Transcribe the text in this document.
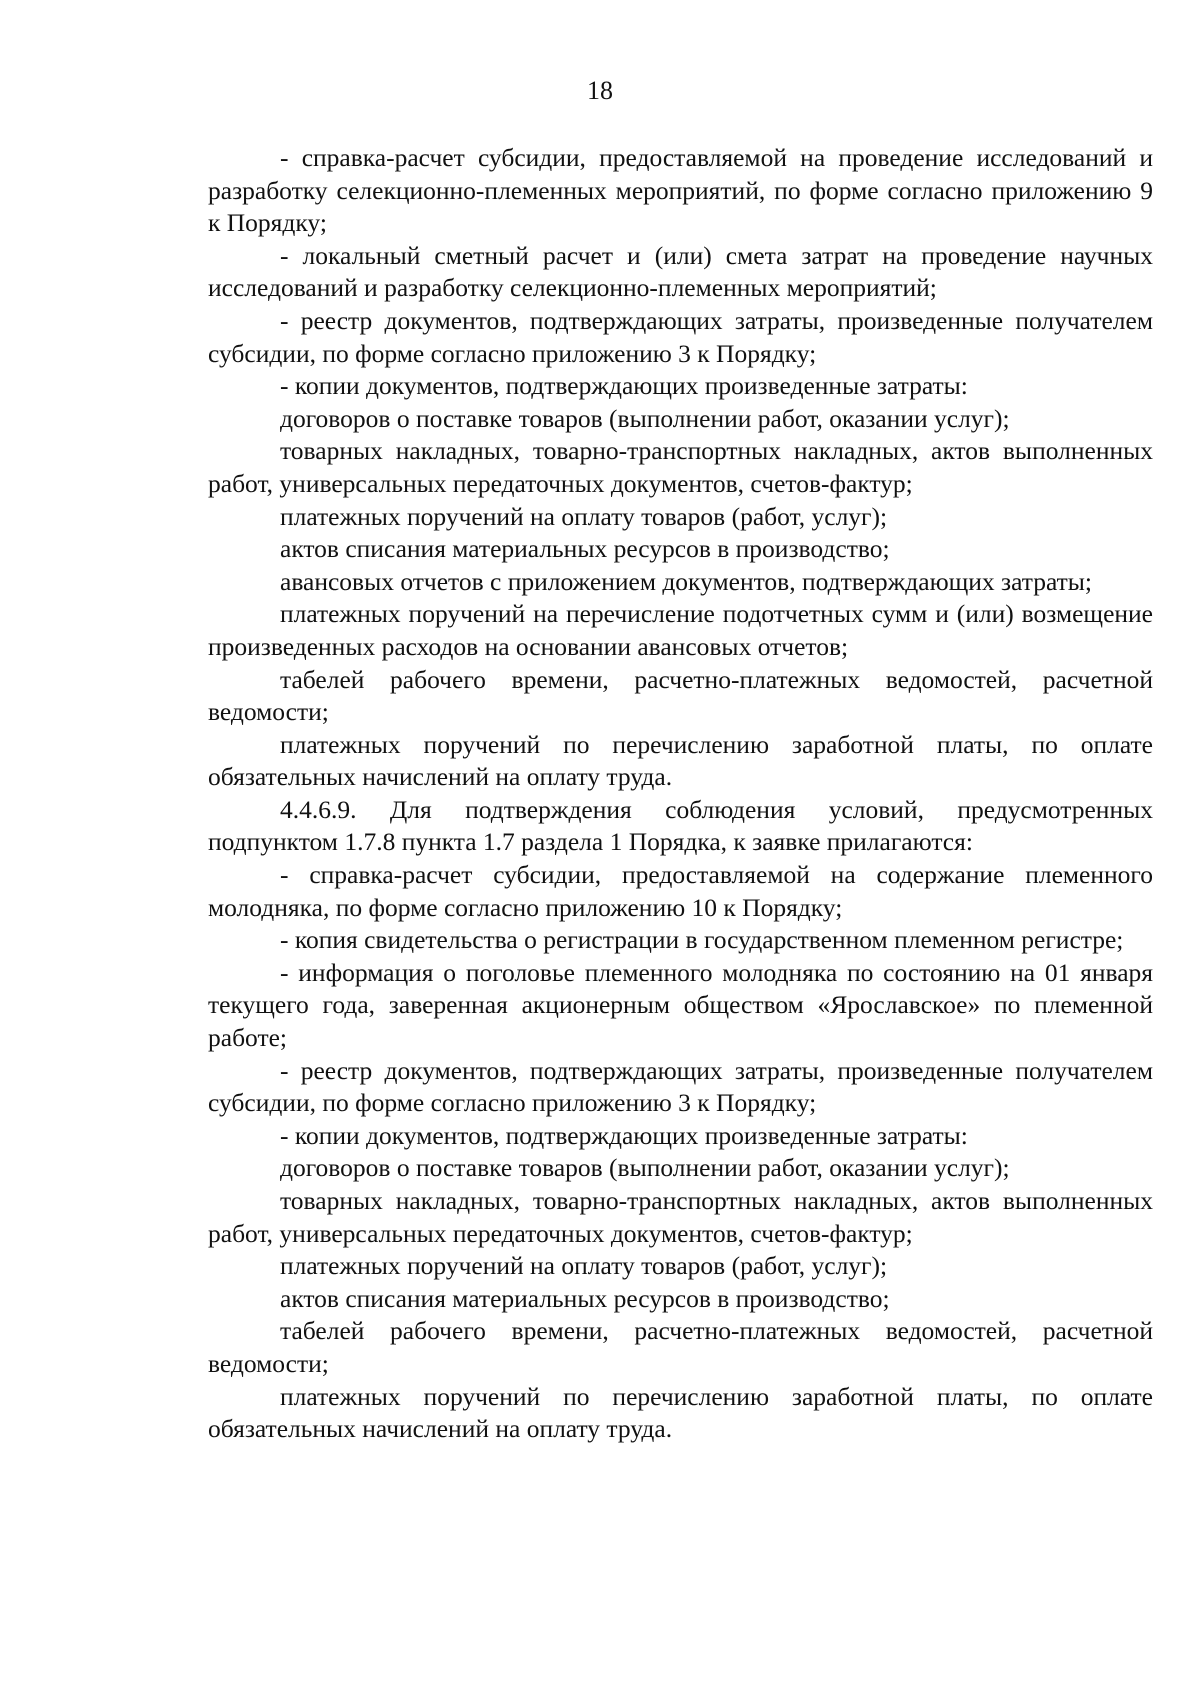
18

- справка-расчет субсидии, предоставляемой на проведение исследований и разработку селекционно-племенных мероприятий, по форме согласно приложению 9 к Порядку;

- локальный сметный расчет и (или) смета затрат на проведение научных исследований и разработку селекционно-племенных мероприятий;

- реестр документов, подтверждающих затраты, произведенные получателем субсидии, по форме согласно приложению 3 к Порядку;

- копии документов, подтверждающих произведенные затраты:

договоров о поставке товаров (выполнении работ, оказании услуг);

товарных накладных, товарно-транспортных накладных, актов выполненных работ, универсальных передаточных документов, счетов-фактур;

платежных поручений на оплату товаров (работ, услуг);

актов списания материальных ресурсов в производство;

авансовых отчетов с приложением документов, подтверждающих затраты;

платежных поручений на перечисление подотчетных сумм и (или) возмещение произведенных расходов на основании авансовых отчетов;

табелей рабочего времени, расчетно-платежных ведомостей, расчетной ведомости;

платежных поручений по перечислению заработной платы, по оплате обязательных начислений на оплату труда.

4.4.6.9. Для подтверждения соблюдения условий, предусмотренных подпунктом 1.7.8 пункта 1.7 раздела 1 Порядка, к заявке прилагаются:

- справка-расчет субсидии, предоставляемой на содержание племенного молодняка, по форме согласно приложению 10 к Порядку;

- копия свидетельства о регистрации в государственном племенном регистре;

- информация о поголовье племенного молодняка по состоянию на 01 января текущего года, заверенная акционерным обществом «Ярославское» по племенной работе;

- реестр документов, подтверждающих затраты, произведенные получателем субсидии, по форме согласно приложению 3 к Порядку;

- копии документов, подтверждающих произведенные затраты:

договоров о поставке товаров (выполнении работ, оказании услуг);

товарных накладных, товарно-транспортных накладных, актов выполненных работ, универсальных передаточных документов, счетов-фактур;

платежных поручений на оплату товаров (работ, услуг);

актов списания материальных ресурсов в производство;

табелей рабочего времени, расчетно-платежных ведомостей, расчетной ведомости;

платежных поручений по перечислению заработной платы, по оплате обязательных начислений на оплату труда.
